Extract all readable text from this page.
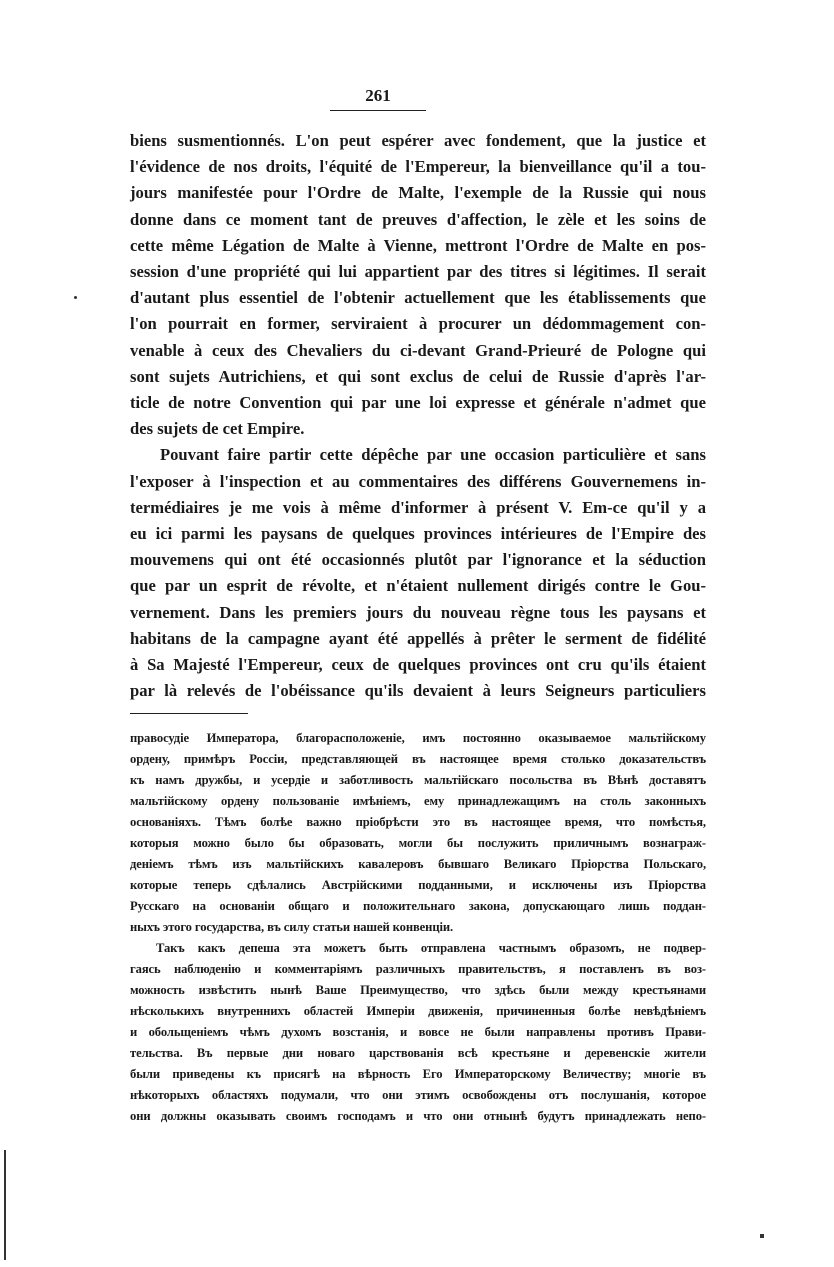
261
biens susmentionnés. L'on peut espérer avec fondement, que la justice et
l'évidence de nos droits, l'équité de l'Empereur, la bienveillance qu'il a tou-
jours manifestée pour l'Ordre de Malte, l'exemple de la Russie qui nous
donne dans ce moment tant de preuves d'affection, le zèle et les soins de
cette même Légation de Malte à Vienne, mettront l'Ordre de Malte en pos-
session d'une propriété qui lui appartient par des titres si légitimes. Il serait
d'autant plus essentiel de l'obtenir actuellement que les établissements que
l'on pourrait en former, serviraient à procurer un dédommagement con-
venable à ceux des Chevaliers du ci-devant Grand-Prieuré de Pologne qui
sont sujets Autrichiens, et qui sont exclus de celui de Russie d'après l'ar-
ticle de notre Convention qui par une loi expresse et générale n'admet que
des sujets de cet Empire.
Pouvant faire partir cette dépêche par une occasion particulière et sans
l'exposer à l'inspection et au commentaires des différens Gouvernemens in-
termédiaires je me vois à même d'informer à présent V. Em-ce qu'il y a
eu ici parmi les paysans de quelques provinces intérieures de l'Empire des
mouvemens qui ont été occasionnés plutôt par l'ignorance et la séduction
que par un esprit de révolte, et n'étaient nullement dirigés contre le Gou-
vernement. Dans les premiers jours du nouveau règne tous les paysans et
habitans de la campagne ayant été appellés à prêter le serment de fidélité
à Sa Majesté l'Empereur, ceux de quelques provinces ont cru qu'ils étaient
par là relevés de l'obéissance qu'ils devaient à leurs Seigneurs particuliers
правосудіе Императора, благорасположеніе, имъ постоянно оказываемое мальтійскому
ордену, примѣръ Россіи, представляющей въ настоящее время столько доказательствъ
къ намъ дружбы, и усердіе и заботливость мальтійскаго посольства въ Вѣнѣ доставятъ
мальтійскому ордену пользованіе имѣніемъ, ему принадлежащимъ на столь законныхъ
основаніяхъ. Тѣмъ болѣе важно пріобрѣсти это въ настоящее время, что помѣстья,
которыя можно было бы образовать, могли бы послужить приличнымъ вознаграж-
деніемъ тѣмъ изъ мальтійскихъ кавалеровъ бывшаго Великаго Пріорства Польскаго,
которые теперь сдѣлались Австрійскими подданными, и исключены изъ Пріорства
Русскаго на основаніи общаго и положительнаго закона, допускающаго лишь поддан-
ныхъ этого государства, въ силу статьи нашей конвенціи.
Такъ какъ депеша эта можетъ быть отправлена частнымъ образомъ, не подвер-
гаясь наблюденію и комментаріямъ различныхъ правительствъ, я поставленъ въ воз-
можность извѣстить нынѣ Ваше Преимущество, что здѣсь были между крестьянами
нѣсколькихъ внутреннихъ областей Имперіи движенія, причиненныя болѣе невѣдѣніемъ
и обольщеніемъ чѣмъ духомъ возстанія, и вовсе не были направлены противъ Прави-
тельства. Въ первые дни новаго царствованія всѣ крестьяне и деревенскіе жители
были приведены къ присягѣ на вѣрность Его Императорскому Величеству; многіе въ
нѣкоторыхъ областяхъ подумали, что они этимъ освобождены отъ послушанія, которое
они должны оказывать своимъ господамъ и что они отнынѣ будутъ принадлежать непо-
